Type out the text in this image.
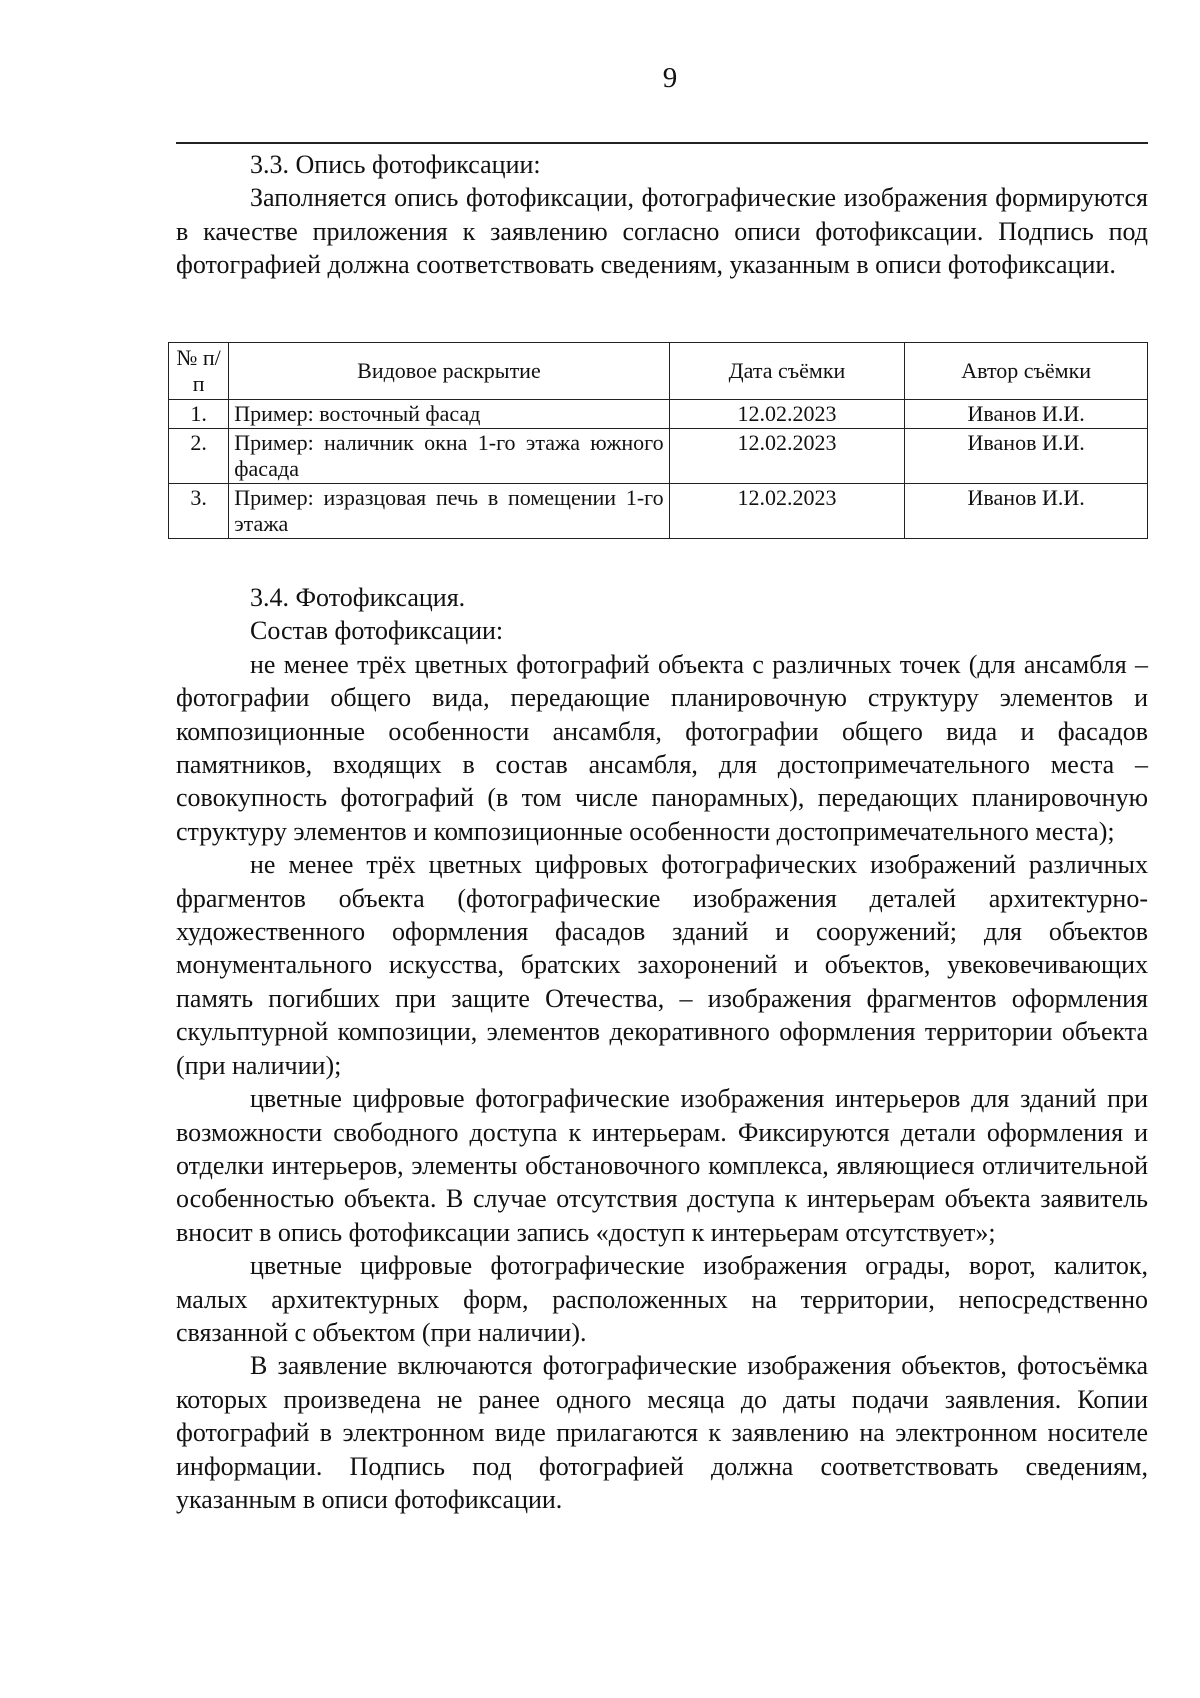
9

3.3. Опись фотофиксации:

Заполняется опись фотофиксации, фотографические изображения формируются в качестве приложения к заявлению согласно описи фотофиксации. Подпись под фотографией должна соответствовать сведениям, указанным в описи фотофиксации.

№ п/п	Видовое раскрытие	Дата съёмки	Автор съёмки
1.	Пример: восточный фасад	12.02.2023	Иванов И.И.
2.	Пример: наличник окна 1-го этажа южного фасада	12.02.2023	Иванов И.И.
3.	Пример: изразцовая печь в помещении 1-го этажа	12.02.2023	Иванов И.И.

3.4. Фотофиксация.

Состав фотофиксации:

не менее трёх цветных фотографий объекта с различных точек (для ансамбля – фотографии общего вида, передающие планировочную структуру элементов и композиционные особенности ансамбля, фотографии общего вида и фасадов памятников, входящих в состав ансамбля, для достопримечательного места – совокупность фотографий (в том числе панорамных), передающих планировочную структуру элементов и композиционные особенности достопримечательного места);

не менее трёх цветных цифровых фотографических изображений различных фрагментов объекта (фотографические изображения деталей архитектурно-художественного оформления фасадов зданий и сооружений; для объектов монументального искусства, братских захоронений и объектов, увековечивающих память погибших при защите Отечества, – изображения фрагментов оформления скульптурной композиции, элементов декоративного оформления территории объекта (при наличии);

цветные цифровые фотографические изображения интерьеров для зданий при возможности свободного доступа к интерьерам. Фиксируются детали оформления и отделки интерьеров, элементы обстановочного комплекса, являющиеся отличительной особенностью объекта. В случае отсутствия доступа к интерьерам объекта заявитель вносит в опись фотофиксации запись «доступ к интерьерам отсутствует»;

цветные цифровые фотографические изображения ограды, ворот, калиток, малых архитектурных форм, расположенных на территории, непосредственно связанной с объектом (при наличии).

В заявление включаются фотографические изображения объектов, фотосъёмка которых произведена не ранее одного месяца до даты подачи заявления. Копии фотографий в электронном виде прилагаются к заявлению на электронном носителе информации. Подпись под фотографией должна соответствовать сведениям, указанным в описи фотофиксации.
